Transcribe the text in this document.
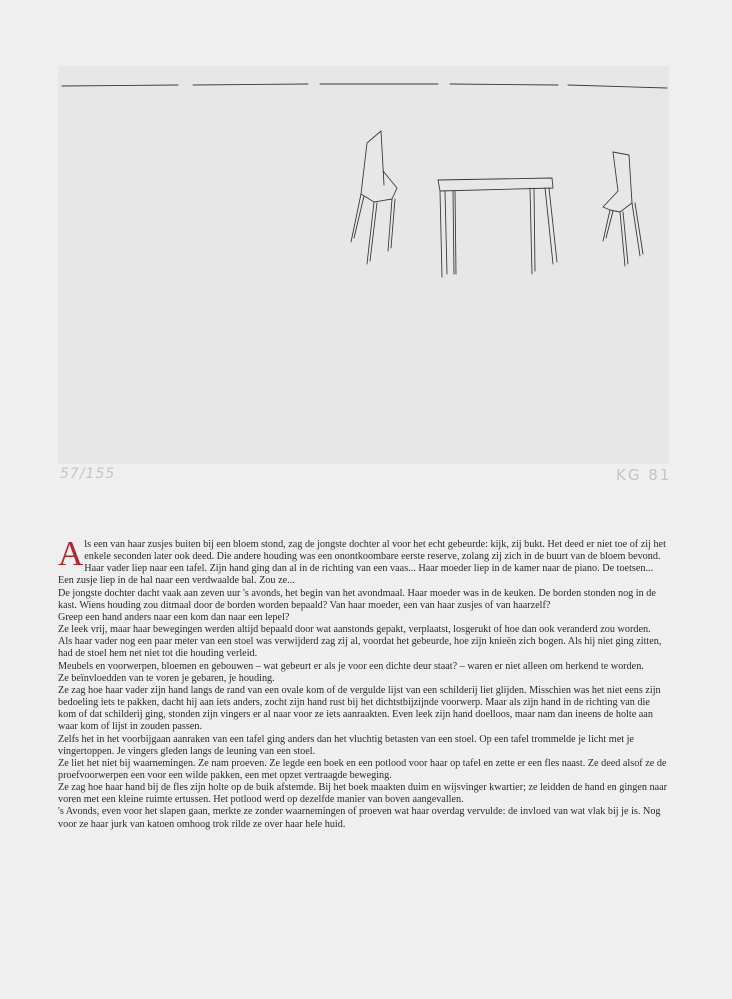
57/155	KG 81

Als een van haar zusjes buiten bij een bloem stond, zag de jongste dochter al voor het echt gebeurde: kijk, zij bukt. Het deed er niet toe of zij het enkele seconden later ook deed. Die andere houding was een onontkoombare eerste reserve, zolang zij zich in de buurt van de bloem bevond.

Haar vader liep naar een tafel. Zijn hand ging dan al in de richting van een vaas... Haar moeder liep in de kamer naar de piano. De toetsen... Een zusje liep in de hal naar een verdwaalde bal. Zou ze...

De jongste dochter dacht vaak aan zeven uur 's avonds, het begin van het avondmaal. Haar moeder was in de keuken. De borden stonden nog in de kast. Wiens houding zou ditmaal door de borden worden bepaald? Van haar moeder, een van haar zusjes of van haarzelf?

Greep een hand anders naar een kom dan naar een lepel?

Ze leek vrij, maar haar bewegingen werden altijd bepaald door wat aanstonds gepakt, verplaatst, losgerukt of hoe dan ook veranderd zou worden.

Als haar vader nog een paar meter van een stoel was verwijderd zag zij al, voordat het gebeurde, hoe zijn knieën zich bogen. Als hij niet ging zitten, had de stoel hem net niet tot die houding verleid.

Meubels en voorwerpen, bloemen en gebouwen – wat gebeurt er als je voor een dichte deur staat? – waren er niet alleen om herkend te worden.

Ze beïnvloedden van te voren je gebaren, je houding.

Ze zag hoe haar vader zijn hand langs de rand van een ovale kom of de vergulde lijst van een schilderij liet glijden. Misschien was het niet eens zijn bedoeling iets te pakken, dacht hij aan iets anders, zocht zijn hand rust bij het dichtstbijzijnde voorwerp. Maar als zijn hand in de richting van die kom of dat schilderij ging, stonden zijn vingers er al naar voor ze iets aanraakten. Even leek zijn hand doelloos, maar nam dan ineens de holte aan waar kom of lijst in zouden passen.

Zelfs het in het voorbijgaan aanraken van een tafel ging anders dan het vluchtig betasten van een stoel. Op een tafel trommelde je licht met je vingertoppen. Je vingers gleden langs de leuning van een stoel.

Ze liet het niet bij waarnemingen. Ze nam proeven. Ze legde een boek en een potlood voor haar op tafel en zette er een fles naast. Ze deed alsof ze de proefvoorwerpen een voor een wilde pakken, een met opzet vertraagde beweging.

Ze zag hoe haar hand bij de fles zijn holte op de buik afstemde. Bij het boek maakten duim en wijsvinger kwartier; ze leidden de hand en gingen naar voren met een kleine ruimte ertussen. Het potlood werd op dezelfde manier van boven aangevallen.

's Avonds, even voor het slapen gaan, merkte ze zonder waarnemingen of proeven wat haar overdag vervulde: de invloed van wat vlak bij je is. Nog voor ze haar jurk van katoen omhoog trok rilde ze over haar hele huid.
